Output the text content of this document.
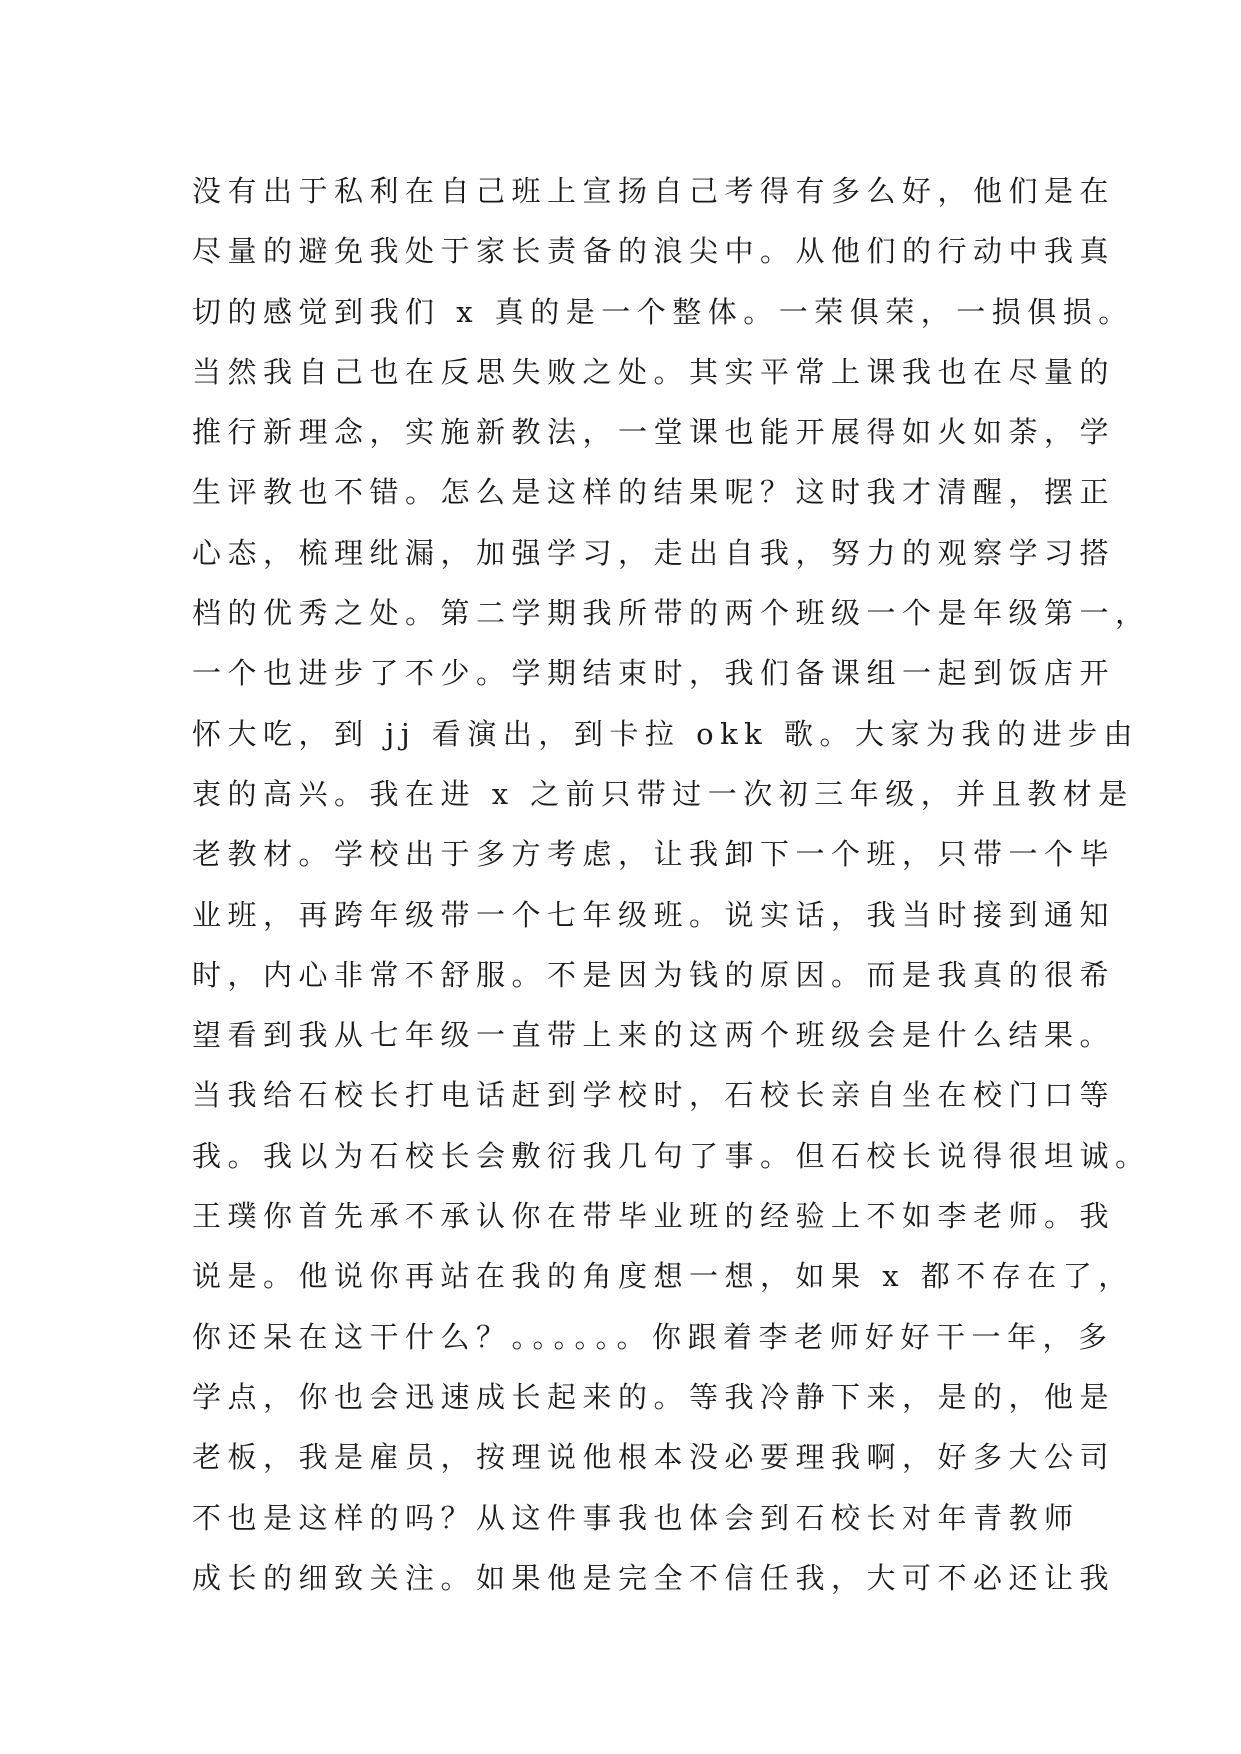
没有出于私利在自己班上宣扬自己考得有多么好，他们是在
尽量的避免我处于家长责备的浪尖中。从他们的行动中我真
切的感觉到我们 x 真的是一个整体。一荣俱荣，一损俱损。
当然我自己也在反思失败之处。其实平常上课我也在尽量的
推行新理念，实施新教法，一堂课也能开展得如火如荼，学
生评教也不错。怎么是这样的结果呢？这时我才清醒，摆正
心态，梳理纰漏，加强学习，走出自我，努力的观察学习搭
档的优秀之处。第二学期我所带的两个班级一个是年级第一，
一个也进步了不少。学期结束时，我们备课组一起到饭店开
怀大吃，到 jj 看演出，到卡拉 okk 歌。大家为我的进步由
衷的高兴。我在进 x 之前只带过一次初三年级，并且教材是
老教材。学校出于多方考虑，让我卸下一个班，只带一个毕
业班，再跨年级带一个七年级班。说实话，我当时接到通知
时，内心非常不舒服。不是因为钱的原因。而是我真的很希
望看到我从七年级一直带上来的这两个班级会是什么结果。
当我给石校长打电话赶到学校时，石校长亲自坐在校门口等
我。我以为石校长会敷衍我几句了事。但石校长说得很坦诚。
王璞你首先承不承认你在带毕业班的经验上不如李老师。我
说是。他说你再站在我的角度想一想，如果 x 都不存在了，
你还呆在这干什么？。。。。。。你跟着李老师好好干一年，多
学点，你也会迅速成长起来的。等我冷静下来，是的，他是
老板，我是雇员，按理说他根本没必要理我啊，好多大公司
不也是这样的吗？从这件事我也体会到石校长对年青教师
成长的细致关注。如果他是完全不信任我，大可不必还让我
